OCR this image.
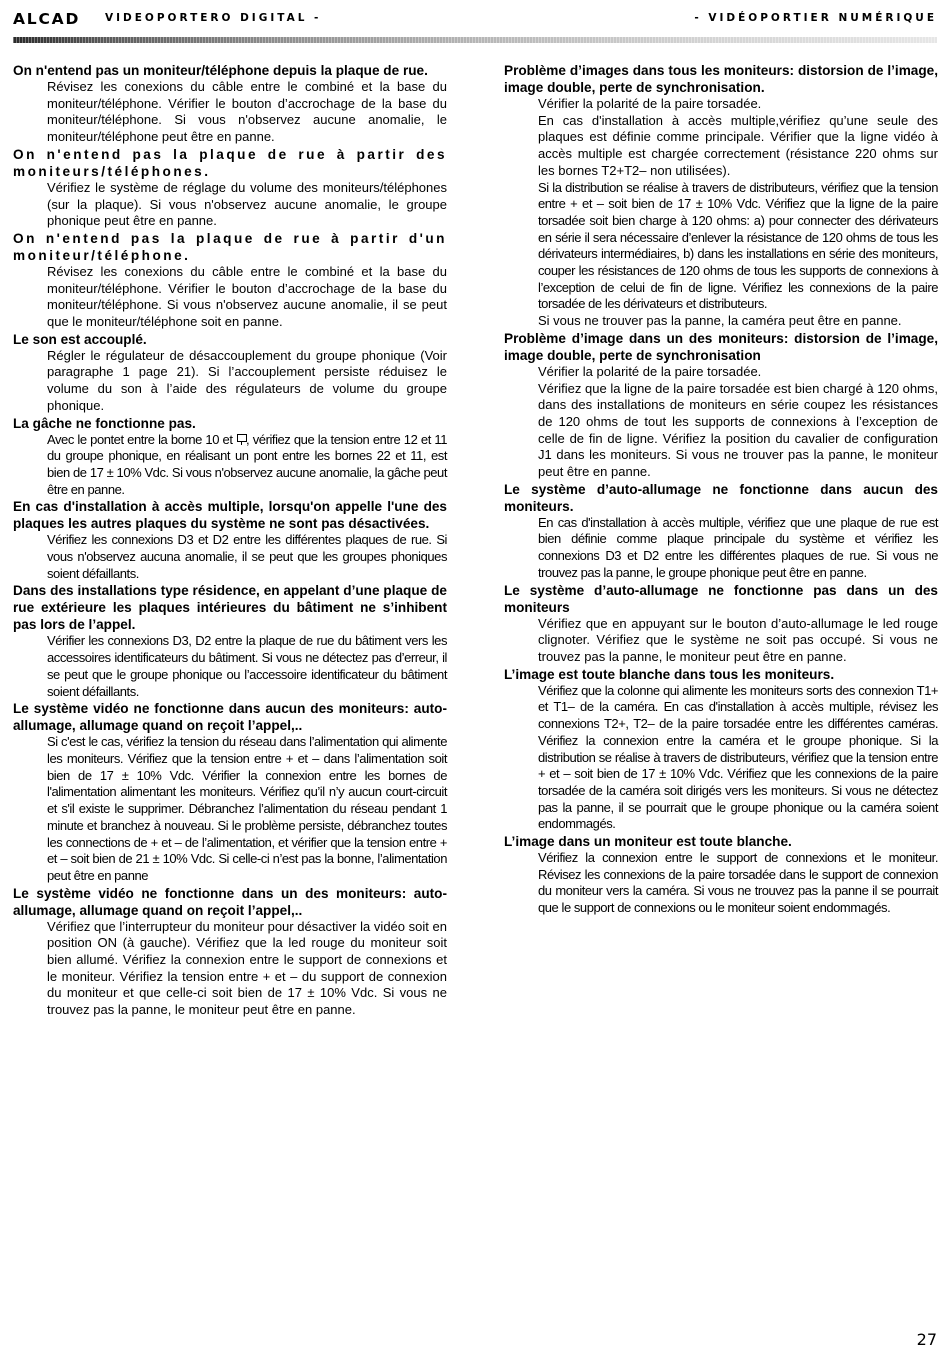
ALCAD VIDEOPORTERO DIGITAL -	- VIDÉOPORTIER NUMÉRIQUE
On n'entend pas un moniteur/téléphone depuis la plaque de rue.

Révisez les conexions du câble entre le combiné et la base du moniteur/téléphone. Vérifier le bouton d’accrochage de la base du moniteur/téléphone. Si vous n'observez aucune anomalie, le moniteur/téléphone peut être en panne.

On n'entend pas la plaque de rue à partir des moniteurs/téléphones.

Vérifiez le système de réglage du volume des moniteurs/téléphones (sur la plaque). Si vous n'observez aucune anomalie, le groupe phonique peut être en panne.

On n'entend pas la plaque de rue à partir d'un moniteur/téléphone.

Révisez les conexions du câble entre le combiné et la base du moniteur/téléphone. Vérifier le bouton d’accrochage de la base du moniteur/téléphone. Si vous n'observez aucune anomalie, il se peut que le moniteur/téléphone soit en panne.

Le son est accouplé.

Régler le régulateur de désaccouplement du groupe phonique (Voir paragraphe 1 page 21). Si l’accouplement persiste réduisez le volume du son à l’aide des régulateurs de volume du groupe phonique.

La gâche ne fonctionne pas.

Avec le pontet entre la borne 10 et , vérifiez que la tension entre 12 et 11 du groupe phonique, en réalisant un pont entre les bornes 22 et 11, est bien de 17 ± 10% Vdc. Si vous n'observez aucune anomalie, la gâche peut être en panne.

En cas d'installation à accès multiple, lorsqu'on appelle l'une des plaques les autres plaques du système ne sont pas désactivées.

Vérifiez les connexions D3 et D2 entre les différentes plaques de rue. Si vous n'observez aucuna anomalie, il se peut que les groupes phoniques soient défaillants.

Dans des installations type résidence, en appelant d’une plaque de rue extérieure les plaques intérieures du bâtiment ne s’inhibent pas lors de l’appel.

Vérifier les connexions D3, D2 entre la plaque de rue du bâtiment vers les accessoires identificateurs du bâtiment. Si vous ne détectez pas d’erreur, il se peut que le groupe phonique ou l’accessoire identificateur du bâtiment soient défaillants.

Le système vidéo ne fonctionne dans aucun des moniteurs: auto-allumage, allumage quand on reçoit l’appel,..

Si c'est le cas, vérifiez la tension du réseau dans l’alimentation qui alimente les moniteurs. Vérifiez que la tension entre + et – dans l’alimentation soit bien de 17 ± 10% Vdc. Vérifier la connexion entre les bornes de l'alimentation alimentant les moniteurs. Vérifiez qu’il n’y aucun court-circuit et s'il existe le supprimer. Débranchez l’alimentation du réseau pendant 1 minute et branchez à nouveau. Si le problème persiste, débranchez toutes les connections de + et – de l’alimentation, et vérifier que la tension entre + et – soit bien de 21 ± 10% Vdc. Si celle-ci n’est pas la bonne, l’alimentation peut être en panne

Le système vidéo ne fonctionne dans un des moniteurs: auto-allumage, allumage quand on reçoit l’appel,..

Vérifiez que l’interrupteur du moniteur pour désactiver la vidéo soit en position ON (à gauche). Vérifiez que la led rouge du moniteur soit bien allumé. Vérifiez la connexion entre le support de connexions et le moniteur. Vérifiez la tension entre + et – du support de connexion du moniteur et que celle-ci soit bien de 17 ± 10% Vdc. Si vous ne trouvez pas la panne, le moniteur peut être en panne.

Problème d’images dans tous les moniteurs: distorsion de l’image, image double, perte de synchronisation.

Vérifier la polarité de la paire torsadée.

En cas d'installation à accès multiple,vérifiez qu’une seule des plaques est définie comme principale. Vérifier que la ligne vidéo à accès multiple est chargée correctement (résistance 220 ohms sur les bornes T2+T2– non utilisées).

Si la distribution se réalise à travers de distributeurs, vérifiez que la tension entre + et – soit bien de 17 ± 10% Vdc. Vérifiez que la ligne de la paire torsadée soit bien charge à 120 ohms: a) pour connecter des dérivateurs en série il sera nécessaire d’enlever la résistance de 120 ohms de tous les dérivateurs intermédiaires, b) dans les installations en série des moniteurs, couper les résistances de 120 ohms de tous les supports de connexions à l’exception de celui de fin de ligne. Vérifiez les connexions de la paire torsadée de les dérivateurs et distributeurs.

Si vous ne trouver pas la panne, la caméra peut être en panne.

Problème d’image dans un des moniteurs: distorsion de l’image, image double, perte de synchronisation

Vérifier la polarité de la paire torsadée.

Vérifiez que la ligne de la paire torsadée est bien chargé à 120 ohms, dans des installations de moniteurs en série coupez les résistances de 120 ohms de tout les supports de connexions à l’exception de celle de fin de ligne. Vérifiez la position du cavalier de configuration J1 dans les moniteurs. Si vous ne trouver pas la panne, le moniteur peut être en panne.

Le système d’auto-allumage ne fonctionne dans aucun des moniteurs.

En cas d'installation à accès multiple, vérifiez que une plaque de rue est bien définie comme plaque principale du système et vérifiez les connexions D3 et D2 entre les différentes plaques de rue. Si vous ne trouvez pas la panne, le groupe phonique peut être en panne.

Le système d’auto-allumage ne fonctionne pas dans un des moniteurs

Vérifiez que en appuyant sur le bouton d’auto-allumage le led rouge clignoter. Vérifiez que le système ne soit pas occupé. Si vous ne trouvez pas la panne, le moniteur peut être en panne.

L’image est toute blanche dans tous les moniteurs.

Vérifiez que la colonne qui alimente les moniteurs sorts des connexion T1+ et T1– de la caméra. En cas d'installation à accès multiple, révisez les connexions T2+, T2– de la paire torsadée entre les différentes caméras. Vérifiez la connexion entre la caméra et le groupe phonique. Si la distribution se réalise à travers de distributeurs, vérifiez que la tension entre + et – soit bien de 17 ± 10% Vdc. Vérifiez que les connexions de la paire torsadée de la caméra soit dirigés vers les moniteurs. Si vous ne détectez pas la panne, il se pourrait que le groupe phonique ou la caméra soient endommagés.

L’image dans un moniteur est toute blanche.

Vérifiez la connexion entre le support de connexions et le moniteur. Révisez les connexions de la paire torsadée dans le support de connexion du moniteur vers la caméra. Si vous ne trouvez pas la panne il se pourrait que le support de connexions ou le moniteur soient endommagés.

27
